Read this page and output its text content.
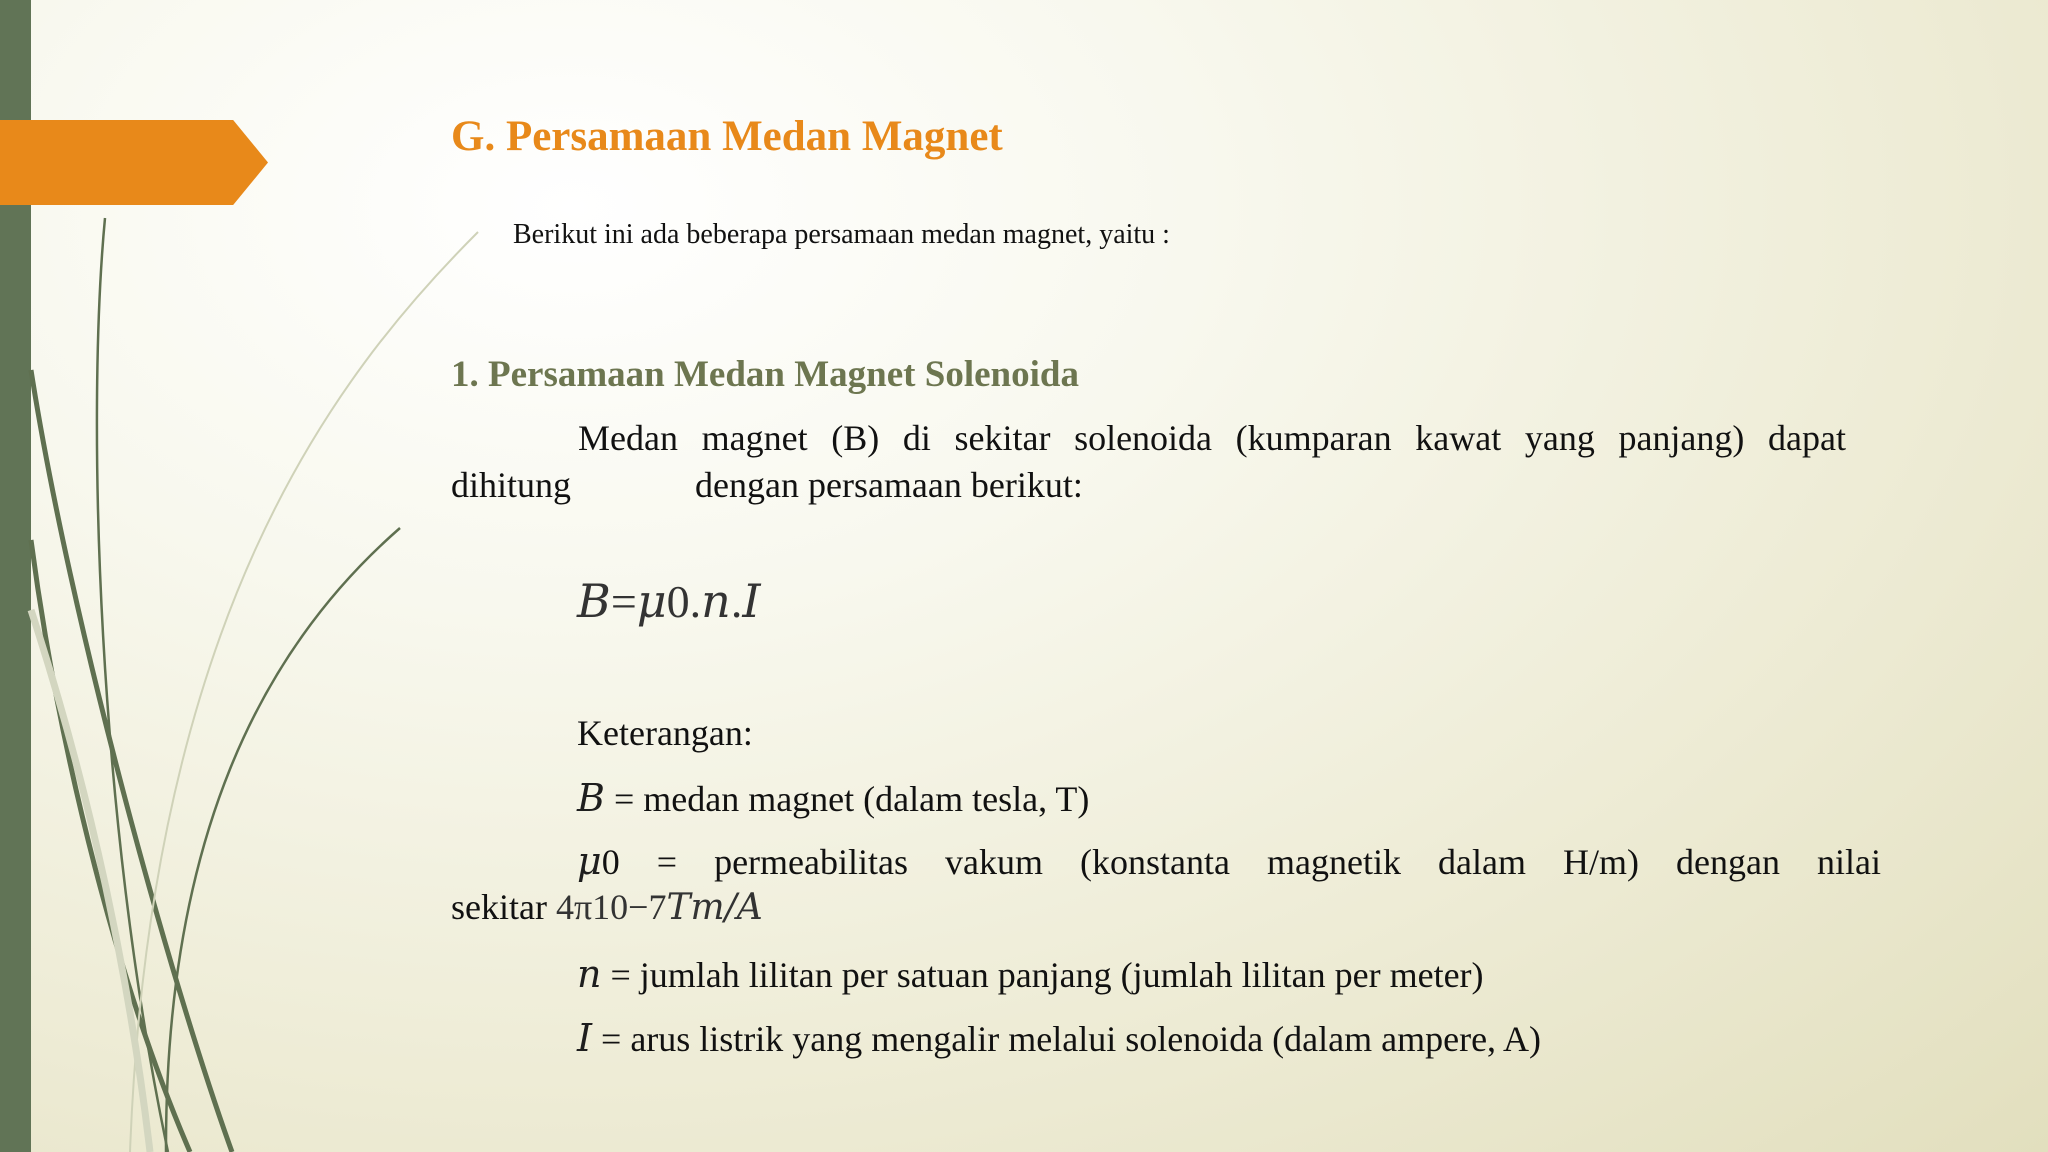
G. Persamaan Medan Magnet

Berikut ini ada beberapa persamaan medan magnet, yaitu :

1. Persamaan Medan Magnet Solenoida
Medan magnet (B) di sekitar solenoida (kumparan kawat yang panjang) dapat
dihitung	dengan persamaan berikut:
B=μ0.n.I

Keterangan:

B = medan magnet (dalam tesla, T)

μ0 = permeabilitas vakum (konstanta magnetik dalam H/m) dengan nilai
sekitar 4π10−7Tm/A

n = jumlah lilitan per satuan panjang (jumlah lilitan per meter)

I = arus listrik yang mengalir melalui solenoida (dalam ampere, A)
